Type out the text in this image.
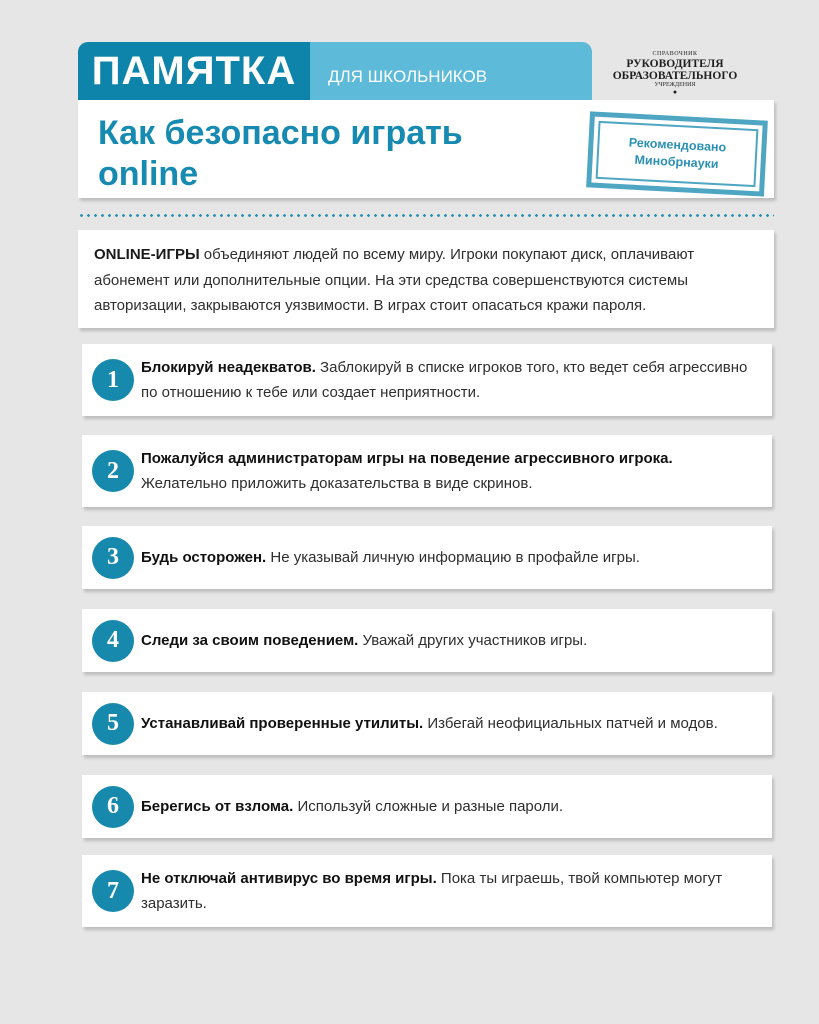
ПАМЯТКА	ДЛЯ ШКОЛЬНИКОВ
СПРАВОЧНИК
РУКОВОДИТЕЛЯ
ОБРАЗОВАТЕЛЬНОГО
УЧРЕЖДЕНИЯ
●
Как безопасно играть
online
Рекомендовано
Минобрнауки
ONLINE-ИГРЫ объединяют людей по всему миру. Игроки покупают диск, оплачивают абонемент или дополнительные опции. На эти средства совершенствуются системы авторизации, закрываются уязвимости. В играх стоит опасаться кражи пароля.
1	Блокируй неадекватов. Заблокируй в списке игроков того, кто ведет себя агрессивно по отношению к тебе или создает неприятности.
2	Пожалуйся администраторам игры на поведение агрессивного игрока. Желательно приложить доказательства в виде скринов.
3	Будь осторожен. Не указывай личную информацию в профайле игры.
4	Следи за своим поведением. Уважай других участников игры.
5	Устанавливай проверенные утилиты. Избегай неофициальных патчей и модов.
6	Берегись от взлома. Используй сложные и разные пароли.
7	Не отключай антивирус во время игры. Пока ты играешь, твой компьютер могут заразить.
